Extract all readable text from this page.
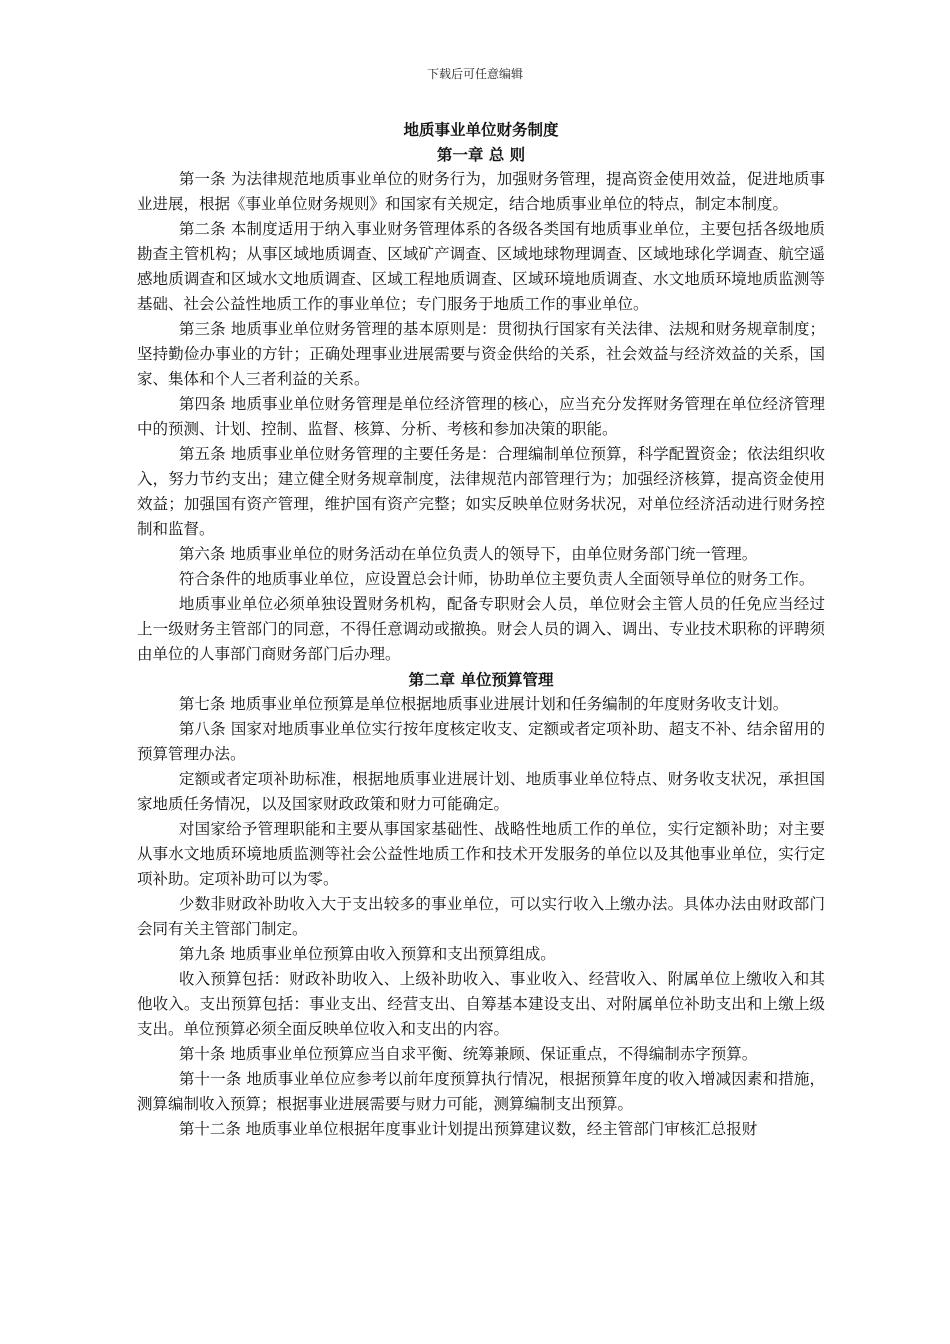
下载后可任意编辑
地质事业单位财务制度
第一章 总 则

第一条 为法律规范地质事业单位的财务行为，加强财务管理，提高资金使用效益，促进地质事业进展，根据《事业单位财务规则》和国家有关规定，结合地质事业单位的特点，制定本制度。

第二条 本制度适用于纳入事业财务管理体系的各级各类国有地质事业单位，主要包括各级地质勘查主管机构；从事区域地质调查、区域矿产调查、区域地球物理调查、区域地球化学调查、航空遥感地质调查和区域水文地质调查、区域工程地质调查、区域环境地质调查、水文地质环境地质监测等基础、社会公益性地质工作的事业单位；专门服务于地质工作的事业单位。

第三条 地质事业单位财务管理的基本原则是：贯彻执行国家有关法律、法规和财务规章制度；坚持勤俭办事业的方针；正确处理事业进展需要与资金供给的关系，社会效益与经济效益的关系，国家、集体和个人三者利益的关系。

第四条 地质事业单位财务管理是单位经济管理的核心，应当充分发挥财务管理在单位经济管理中的预测、计划、控制、监督、核算、分析、考核和参加决策的职能。

第五条 地质事业单位财务管理的主要任务是：合理编制单位预算，科学配置资金；依法组织收入，努力节约支出；建立健全财务规章制度，法律规范内部管理行为；加强经济核算，提高资金使用效益；加强国有资产管理，维护国有资产完整；如实反映单位财务状况，对单位经济活动进行财务控制和监督。

第六条 地质事业单位的财务活动在单位负责人的领导下，由单位财务部门统一管理。

符合条件的地质事业单位，应设置总会计师，协助单位主要负责人全面领导单位的财务工作。

地质事业单位必须单独设置财务机构，配备专职财会人员，单位财会主管人员的任免应当经过上一级财务主管部门的同意，不得任意调动或撤换。财会人员的调入、调出、专业技术职称的评聘须由单位的人事部门商财务部门后办理。

第二章 单位预算管理

第七条 地质事业单位预算是单位根据地质事业进展计划和任务编制的年度财务收支计划。

第八条 国家对地质事业单位实行按年度核定收支、定额或者定项补助、超支不补、结余留用的预算管理办法。

定额或者定项补助标准，根据地质事业进展计划、地质事业单位特点、财务收支状况，承担国家地质任务情况，以及国家财政政策和财力可能确定。

对国家给予管理职能和主要从事国家基础性、战略性地质工作的单位，实行定额补助；对主要从事水文地质环境地质监测等社会公益性地质工作和技术开发服务的单位以及其他事业单位，实行定项补助。定项补助可以为零。

少数非财政补助收入大于支出较多的事业单位，可以实行收入上缴办法。具体办法由财政部门会同有关主管部门制定。

第九条 地质事业单位预算由收入预算和支出预算组成。

收入预算包括：财政补助收入、上级补助收入、事业收入、经营收入、附属单位上缴收入和其他收入。支出预算包括：事业支出、经营支出、自筹基本建设支出、对附属单位补助支出和上缴上级支出。单位预算必须全面反映单位收入和支出的内容。

第十条 地质事业单位预算应当自求平衡、统筹兼顾、保证重点，不得编制赤字预算。

第十一条 地质事业单位应参考以前年度预算执行情况，根据预算年度的收入增减因素和措施，测算编制收入预算；根据事业进展需要与财力可能，测算编制支出预算。

第十二条 地质事业单位根据年度事业计划提出预算建议数，经主管部门审核汇总报财
